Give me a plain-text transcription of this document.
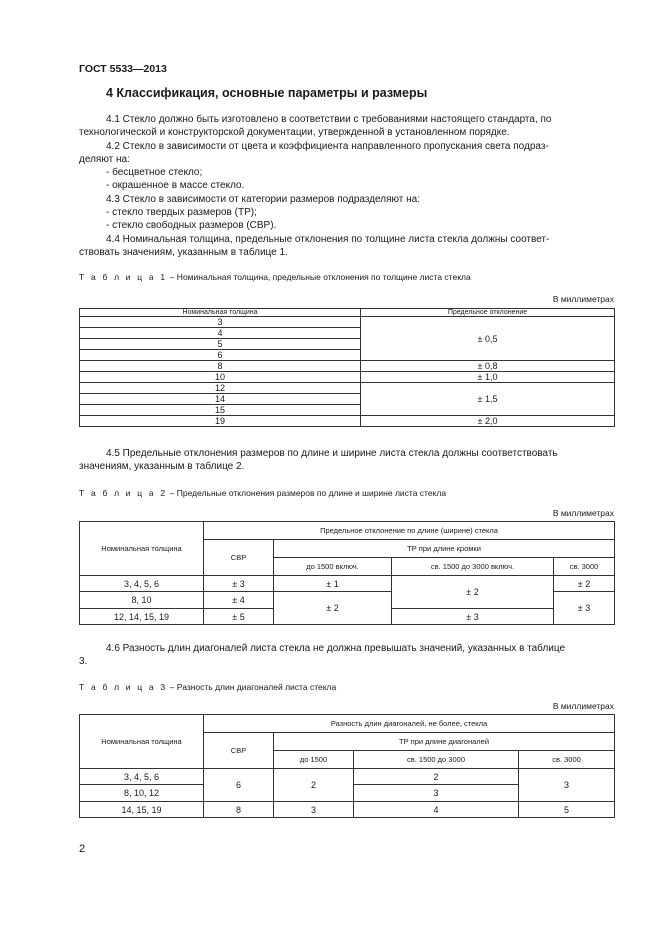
ГОСТ 5533—2013
4 Классификация, основные параметры и размеры
4.1 Стекло должно быть изготовлено в соответствии с требованиями настоящего стандарта, по
технологической и конструкторской документации, утвержденной в установленном порядке.
4.2 Стекло в зависимости от цвета и коэффициента направленного пропускания света подраз-
деляют на:
- бесцветное стекло;
- окрашенное в массе стекло.
4.3 Стекло в зависимости от категории размеров подразделяют на:
- стекло твердых размеров (ТР);
- стекло свободных размеров (СВР).
4.4 Номинальная толщина, предельные отклонения по толщине листа стекла должны соответ-
ствовать значениям, указанным в таблице 1.
Т а б л и ц а 1 – Номинальная толщина, предельные отклонения по толщине листа стекла
В миллиметрах
Номинальная толщина	Предельное отклонение
3	± 0,5
4	
5	
6	
8	± 0,8
10	± 1,0
12	± 1,5
14	
15	
19	± 2,0
4.5 Предельные отклонения размеров по длине и ширине листа стекла должны соответствовать
значениям, указанным в таблице 2.
Т а б л и ц а 2 – Предельные отклонения размеров по длине и ширине листа стекла
В миллиметрах
Номинальная толщина	Предельное отклонение по длине (ширине) стекла			
	СВР	ТР при длине кромки		
		до 1500 включ.	св. 1500 до 3000 включ.	св. 3000
3, 4, 5, 6	± 3	± 1	± 2	± 2
8, 10	± 4	± 2		± 3
12, 14, 15, 19	± 5		± 3	
4.6 Разность длин диагоналей листа стекла не должна превышать значений, указанных в таблице
3.
Т а б л и ц а 3 – Разность длин диагоналей листа стекла
В миллиметрах
Номинальная толщина	Разность длин диагоналей, не более, стекла			
	СВР	ТР при длине диагоналей		
		до 1500	св. 1500 до 3000	св. 3000
3, 4, 5, 6	6	2	2	3
8, 10, 12			3	
14, 15, 19	8	3	4	5
2
